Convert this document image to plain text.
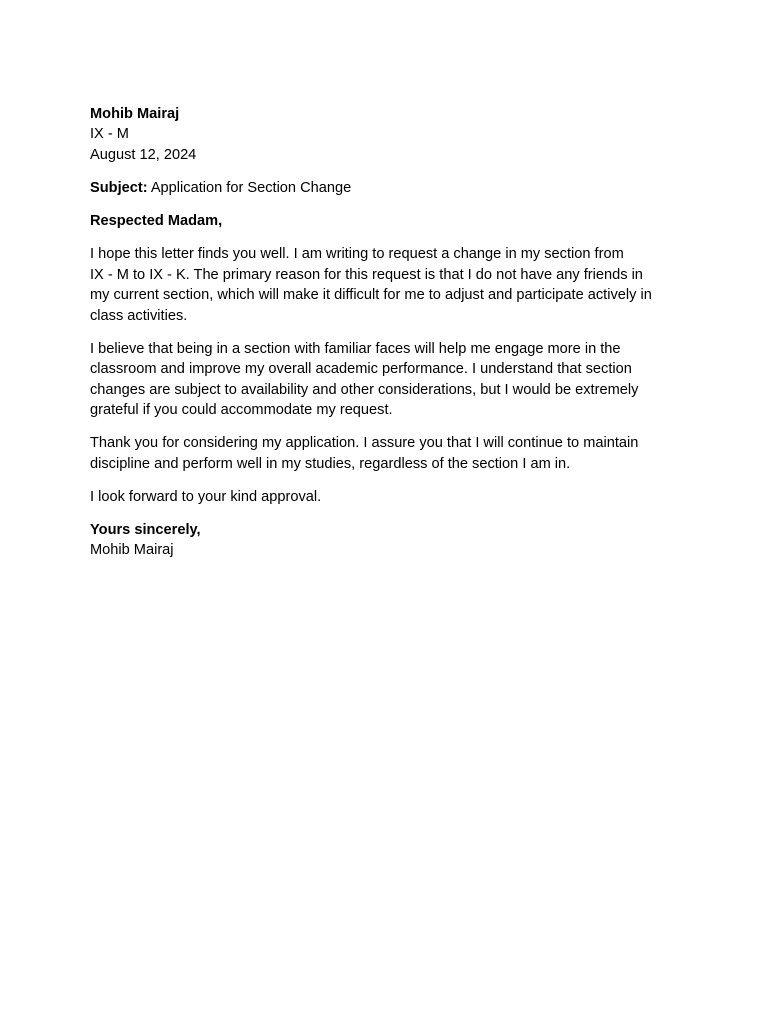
Mohib Mairaj
IX - M
August 12, 2024
Subject: Application for Section Change
Respected Madam,
I hope this letter finds you well. I am writing to request a change in my section from
IX - M to IX - K. The primary reason for this request is that I do not have any friends in
my current section, which will make it difficult for me to adjust and participate actively in
class activities.
I believe that being in a section with familiar faces will help me engage more in the
classroom and improve my overall academic performance. I understand that section
changes are subject to availability and other considerations, but I would be extremely
grateful if you could accommodate my request.
Thank you for considering my application. I assure you that I will continue to maintain
discipline and perform well in my studies, regardless of the section I am in.
I look forward to your kind approval.
Yours sincerely,
Mohib Mairaj
